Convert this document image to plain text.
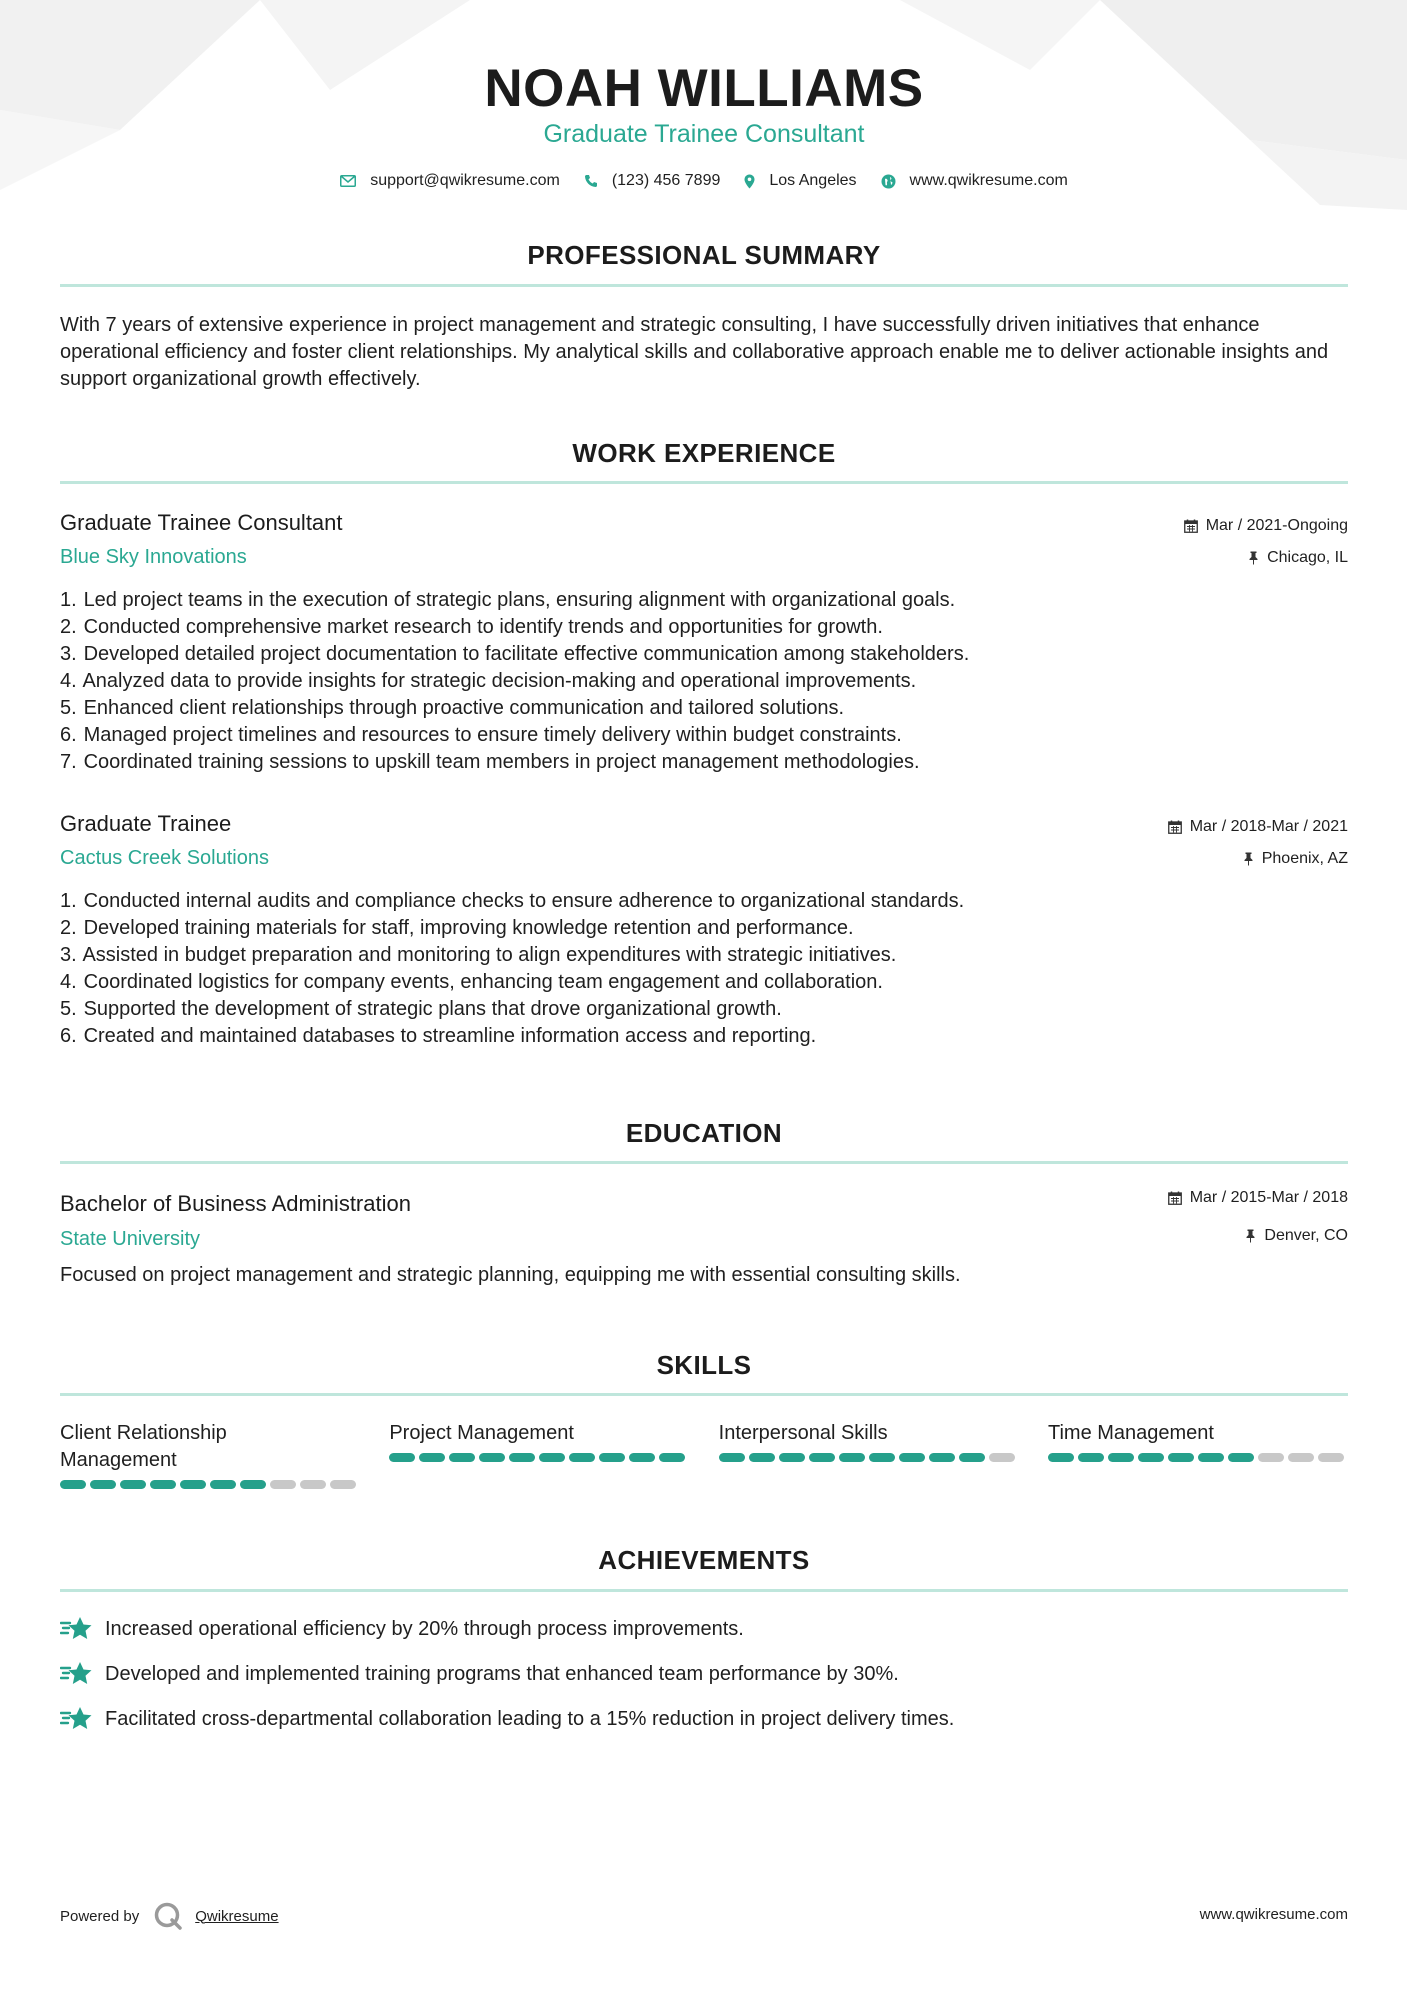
NOAH WILLIAMS
Graduate Trainee Consultant
support@qwikresume.com	(123) 456 7899	Los Angeles	www.qwikresume.com
PROFESSIONAL SUMMARY
With 7 years of extensive experience in project management and strategic consulting, I have successfully driven initiatives that enhance operational efficiency and foster client relationships. My analytical skills and collaborative approach enable me to deliver actionable insights and support organizational growth effectively.
WORK EXPERIENCE
Graduate Trainee Consultant
Blue Sky Innovations
Mar / 2021-Ongoing
Chicago, IL
1. Led project teams in the execution of strategic plans, ensuring alignment with organizational goals.
2. Conducted comprehensive market research to identify trends and opportunities for growth.
3. Developed detailed project documentation to facilitate effective communication among stakeholders.
4. Analyzed data to provide insights for strategic decision-making and operational improvements.
5. Enhanced client relationships through proactive communication and tailored solutions.
6. Managed project timelines and resources to ensure timely delivery within budget constraints.
7. Coordinated training sessions to upskill team members in project management methodologies.
Graduate Trainee
Cactus Creek Solutions
Mar / 2018-Mar / 2021
Phoenix, AZ
1. Conducted internal audits and compliance checks to ensure adherence to organizational standards.
2. Developed training materials for staff, improving knowledge retention and performance.
3. Assisted in budget preparation and monitoring to align expenditures with strategic initiatives.
4. Coordinated logistics for company events, enhancing team engagement and collaboration.
5. Supported the development of strategic plans that drove organizational growth.
6. Created and maintained databases to streamline information access and reporting.
EDUCATION
Bachelor of Business Administration
State University
Mar / 2015-Mar / 2018
Denver, CO
Focused on project management and strategic planning, equipping me with essential consulting skills.
SKILLS
Client Relationship Management
Project Management	Interpersonal Skills	Time Management
ACHIEVEMENTS
Increased operational efficiency by 20% through process improvements.
Developed and implemented training programs that enhanced team performance by 30%.
Facilitated cross-departmental collaboration leading to a 15% reduction in project delivery times.
Powered by	Qwikresume	www.qwikresume.com
